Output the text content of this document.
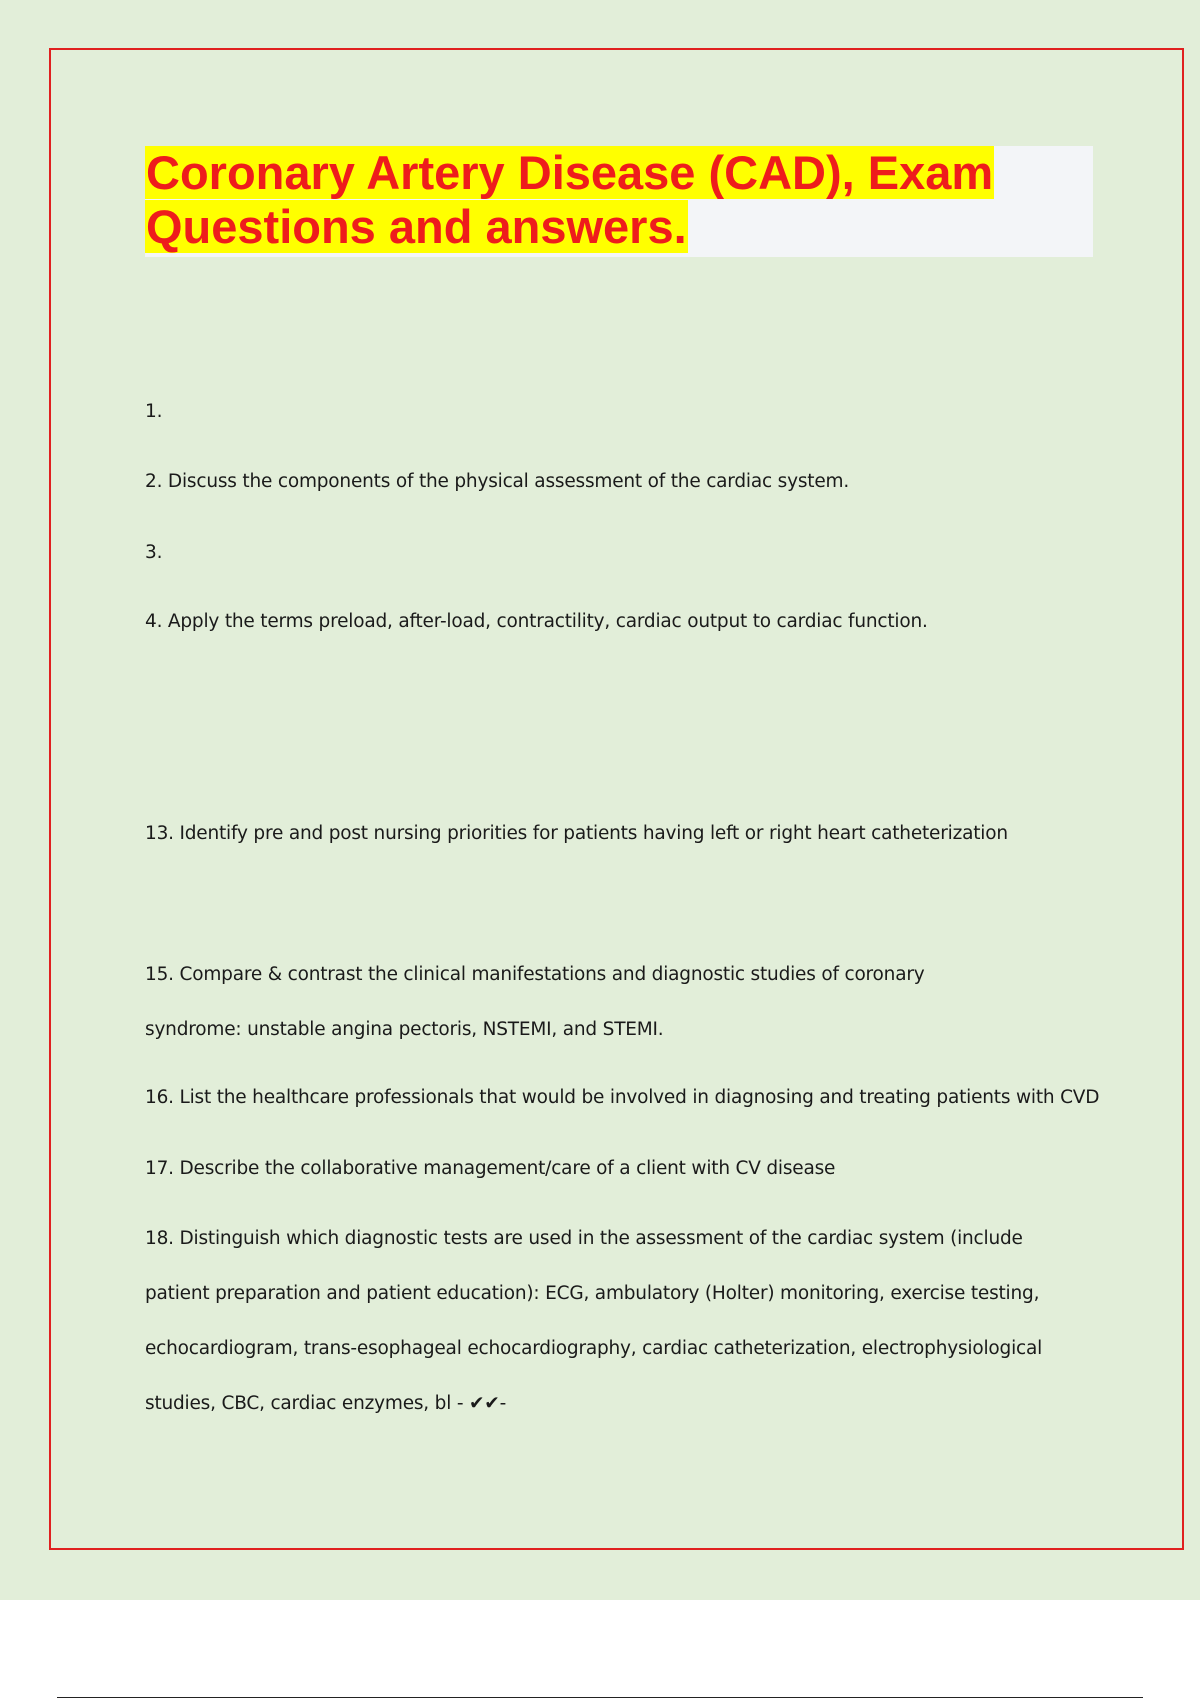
Coronary Artery Disease (CAD), Exam
Questions and answers.

1.

2. Discuss the components of the physical assessment of the cardiac system.

3.

4. Apply the terms preload, after-load, contractility, cardiac output to cardiac function.

13. Identify pre and post nursing priorities for patients having left or right heart catheterization

15. Compare & contrast the clinical manifestations and diagnostic studies of coronary syndrome: unstable angina pectoris, NSTEMI, and STEMI.

16. List the healthcare professionals that would be involved in diagnosing and treating patients with CVD

17. Describe the collaborative management/care of a client with CV disease

18. Distinguish which diagnostic tests are used in the assessment of the cardiac system (include patient preparation and patient education): ECG, ambulatory (Holter) monitoring, exercise testing, echocardiogram, trans-esophageal echocardiography, cardiac catheterization, electrophysiological studies, CBC, cardiac enzymes, bl - ✔✔-
